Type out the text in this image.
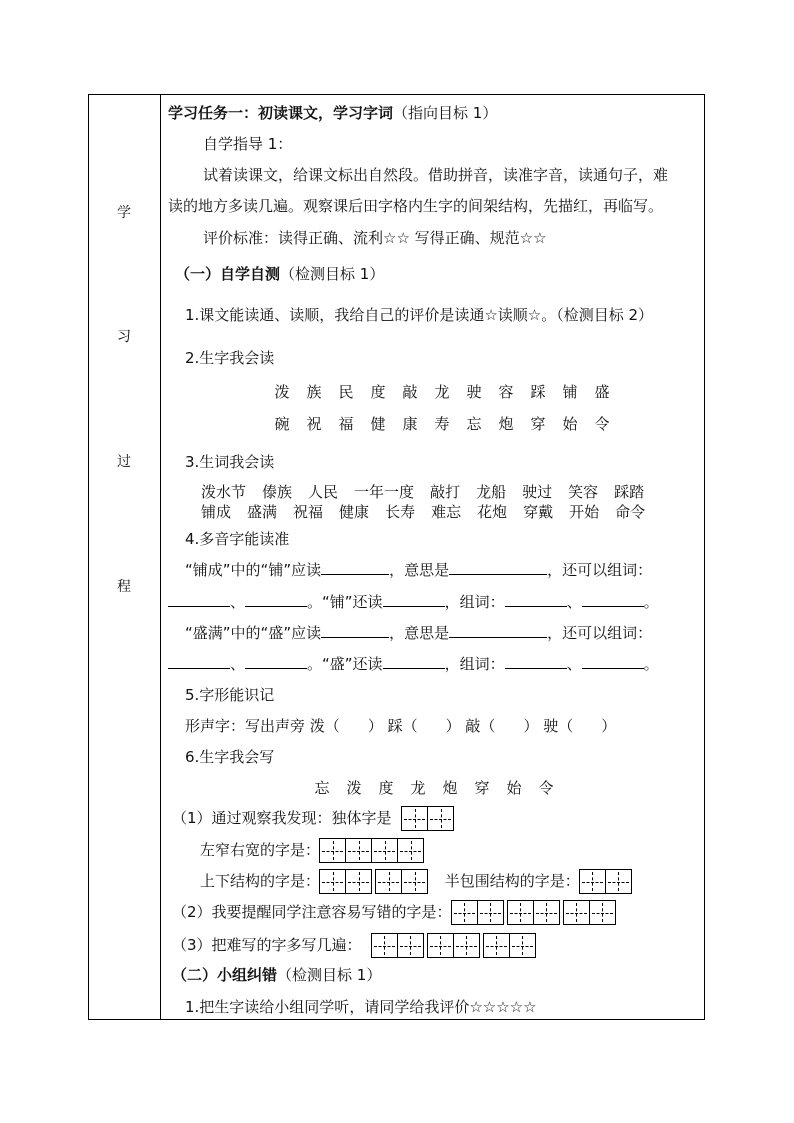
学
习
过
程
学习任务一：初读课文，学习字词（指向目标 1）
自学指导 1：
试着读课文，给课文标出自然段。借助拼音，读准字音，读通句子，难
读的地方多读几遍。观察课后田字格内生字的间架结构，先描红，再临写。
评价标准：读得正确、流利☆☆ 写得正确、规范☆☆
（一）自学自测（检测目标 1）
1.课文能读通、读顺，我给自己的评价是读通☆读顺☆。（检测目标 2）
2.生字我会读
泼 族 民 度 敲 龙 驶 容 踩 铺 盛
碗 祝 福 健 康 寿 忘 炮 穿 始 令
3.生词我会读
泼水节 傣族 人民 一年一度 敲打 龙船 驶过 笑容 踩踏
铺成 盛满 祝福 健康 长寿 难忘 花炮 穿戴 开始 命令
4.多音字能读准
“铺成”中的“铺”应读	，意思是	，还可以组词：
、	。“铺”还读	，组词：	、	。
“盛满”中的“盛”应读	，意思是	，还可以组词：
、	。“盛”还读	，组词：	、	。
5.字形能识记
形声字：写出声旁 泼（ ） 踩（ ） 敲（ ） 驶（ ）
6.生字我会写
忘 泼 度 龙 炮 穿 始 令
（1）通过观察我发现：独体字是
左窄右宽的字是：
上下结构的字是：	半包围结构的字是：
（2）我要提醒同学注意容易写错的字是：
（3）把难写的字多写几遍：
（二）小组纠错（检测目标 1）
1.把生字读给小组同学听，请同学给我评价☆☆☆☆☆
